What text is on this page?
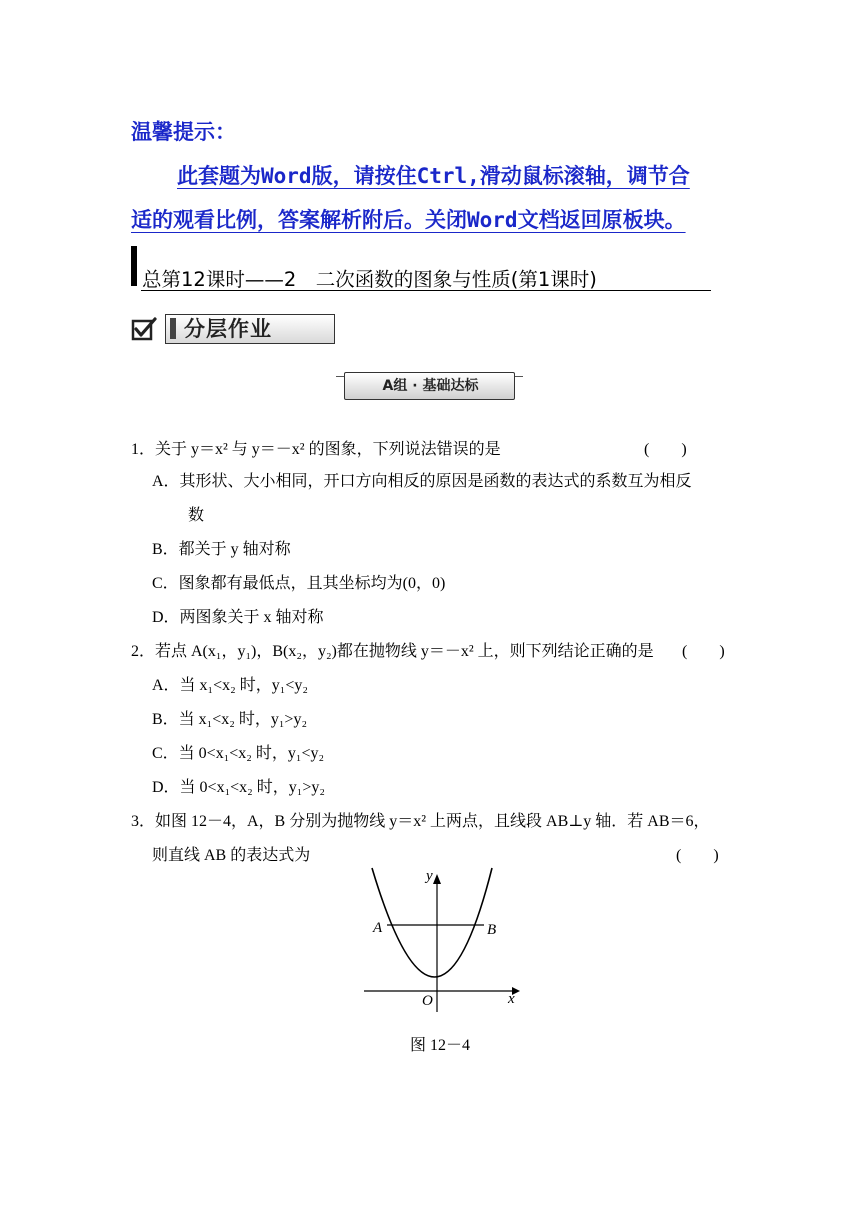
温馨提示：
此套题为Word版，请按住Ctrl,滑动鼠标滚轴，调节合
适的观看比例，答案解析附后。关闭Word文档返回原板块。
总第12课时——2　二次函数的图象与性质(第1课时)
分层作业
A组 · 基础达标
1．关于 y＝x² 与 y＝－x² 的图象，下列说法错误的是	(　　)
A．其形状、大小相同，开口方向相反的原因是函数的表达式的系数互为相反
数
B．都关于 y 轴对称
C．图象都有最低点，且其坐标均为(0，0)
D．两图象关于 x 轴对称
2．若点 A(x₁，y₁)，B(x₂，y₂)都在抛物线 y＝－x² 上，则下列结论正确的是 (　　)
A．当 x₁<x₂ 时，y₁<y₂
B．当 x₁<x₂ 时，y₁>y₂
C．当 0<x₁<x₂ 时，y₁<y₂
D．当 0<x₁<x₂ 时，y₁>y₂
3．如图 12－4，A，B 分别为抛物线 y＝x² 上两点，且线段 AB⊥y 轴．若 AB＝6，
则直线 AB 的表达式为	(　　)
y
x
O
A	B
图 12－4
